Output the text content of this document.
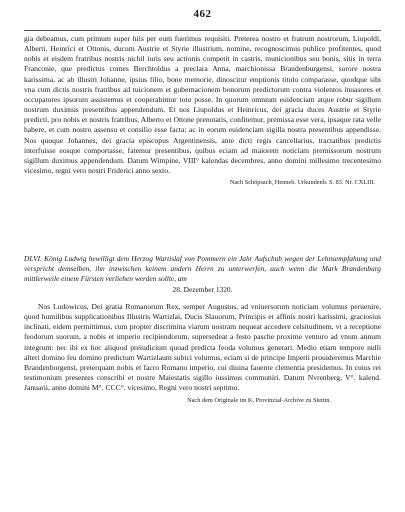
462
gia debeamus, cum primum super hiis per eum fuerimus requisiti. Preterea nostro et fratrum nostrorum, Liupoldi, Alberti, Heinrici et Ottonis, ducum Austrie et Styrie illustrium, nomine, recognoscimus publice profitentes, quod nobis et eisdem fratribus nostris nichil iuris seu actionis competit in castris, municionibus seu bonis, sitis in terra Franconie, que predictus comes Berchtoldus a preclara Anna, marchionissa Brandenburgensi, sorore nostra karissima, ac ab illustri Johanne, ipsius filio, bone memorie, dinoscitur emptionis titulo comparasse, quodque sibi vna cum dictis nostris fratribus ad tuicionem et gubernacionem bonorum predictorum contra violentos inuasores et occupatores ipsorum assistemus et cooperabimur toto posse. In quorum omnium euidenciam atque robur sigillum nostrum duximus presentibus appendendum. Et nos Liupoldus et Heinricus, dei gracia duces Austrie et Styrie predicti, pro nobis et nostris fratribus, Alberto et Ottone prenotatis, confitemur, premissa esse vera, ipsaque rata velle habere, et cum nostro assensu et consilio esse facta: ac in eorum euidenciam sigilla nostra presentibus appendisse. Nos quoque Johannes, dei gracia episcopus Argentinensis, ante dicti regis cancellarius, tractatibus predictis interfuisse eosque comportasse, fatemur presentibus, quibus eciam ad maiorem noticiam premissorum nostrum sigillum duximus appendendum. Datum Wimpine, VIII° kalendas decembres, anno domini millesimo trecentesimo vicesimo, regni vero nostri Friderici anno sexto.
Nach Schöpsach, Henneb. Urkundenb. S. 83. Nr. CXLIII.
DLVI. König Ludwig bewilligt dem Herzog Wartislaf von Pommern ein Jahr Aufschub wegen der Lehnsempfahung und verspricht demselben, ihn inzwischen keinem andern Herrn zu unterwerfen, auch wenn die Mark Brandenburg mittlerweile einem Fürsten verliehen werden sollte, am
28. Dezember 1320.
Nos Ludowicus, Dei gratia Romanorum Rex, semper Augustus, ad vniuersorum noticiam volumus peruenire, quod humilibus supplicationibus Illustris Wartizlai, Ducis Slauorum, Principis et affinis nostri karissimi, graciosius inclinati, eidem permittimus, cum propter discrimina viarum nostram nequeat accedere celsitudinem, vt a receptione feodorum suorum, a nobis et imperio recipiendorum, supersedeat a festo pasche proxime venturo ad vnum annum integrum: nec ibi ex hoc aliquod preiudicium quoad predicta feoda volumus generari. Medio etiam tempore nulli alteri domino feu domino predictum Wartizlaum subici volumus, eciam si de principe Imperii prouideremus Marchie Brandenburgensi, preterquam nobis et facro Romano imperio, cui diuina fauente clementia presidemus. In cuius rei testimonium presentes conscribi et nostre Maiestatis sigillo iussimus communiri. Datum Nvrenberg, V°. kalend. Januarii, anno domini M°. CCC°. vicesimo, Regni vero nostri septimo.
Nach dem Originale im K. Provinzial-Archive zu Stettin.
